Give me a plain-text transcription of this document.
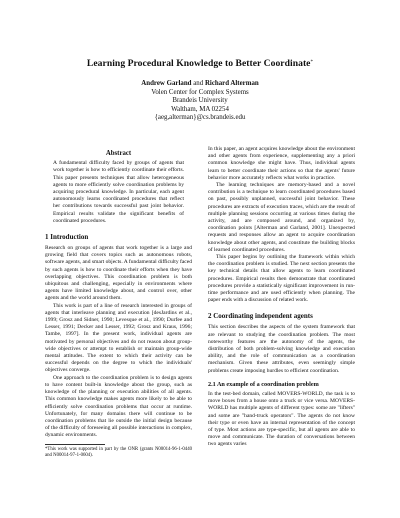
Learning Procedural Knowledge to Better Coordinate*
Andrew Garland and Richard Alterman
Volen Center for Complex Systems
Brandeis University
Waltham, MA 02254
{aeg,alterman}@cs.brandeis.edu
Abstract

A fundamental difficulty faced by groups of agents that work together is how to efficiently coordinate their efforts. This paper presents techniques that allow heterogeneous agents to more efficiently solve coordination problems by acquiring procedural knowledge. In particular, each agent autonomously learns coordinated procedures that reflect her contributions towards successful past joint behavior. Empirical results validate the significant benefits of coordinated procedures.

1 Introduction

Research on groups of agents that work together is a large and growing field that covers topics such as autonomous robots, software agents, and smart objects. A fundamental difficulty faced by such agents is how to coordinate their efforts when they have overlapping objectives. This coordination problem is both ubiquitous and challenging, especially in environments where agents have limited knowledge about, and control over, other agents and the world around them.

This work is part of a line of research interested in groups of agents that interleave planning and execution [desJardins et al., 1999; Grosz and Sidner, 1990; Levesque et al., 1990; Durfee and Lesser, 1991; Decker and Lesser, 1992; Grosz and Kraus, 1996; Tambe, 1997]. In the present work, individual agents are motivated by personal objectives and do not reason about group-wide objectives or attempt to establish or maintain group-wide mental attitudes. The extent to which their activity can be successful depends on the degree to which the individuals' objectives converge.

One approach to the coordination problem is to design agents to have content built-in knowledge about the group, such as knowledge of the planning or execution abilities of all agents. This common knowledge makes agents more likely to be able to efficiently solve coordination problems that occur at runtime. Unfortunately, for many domains there will continue to be coordination problems that lie outside the initial design because of the difficulty of foreseeing all possible interactions in complex, dynamic environments.

*This work was supported in part by the ONR (grants N00014-96-1-0440 and N00014-97-1-0604).

In this paper, an agent acquires knowledge about the environment and other agents from experience, supplementing any a priori common knowledge she might have. Thus, individual agents learn to better coordinate their actions so that the agents' future behavior more accurately reflects what works in practice.

The learning techniques are memory-based and a novel contribution is a technique to learn coordinated procedures based on past, possibly unplanned, successful joint behavior. These procedures are extracts of execution traces, which are the result of multiple planning sessions occurring at various times during the activity, and are composed around, and organized by, coordination points [Alterman and Garland, 2001]. Unexpected requests and responses allow an agent to acquire coordination knowledge about other agents, and constitute the building blocks of learned coordinated procedures.

This paper begins by outlining the framework within which the coordination problem is studied. The next section presents the key technical details that allow agents to learn coordinated procedures. Empirical results then demonstrate that coordinated procedures provide a statistically significant improvement in run-time performance and are used efficiently when planning. The paper ends with a discussion of related work.

2 Coordinating independent agents

This section describes the aspects of the system framework that are relevant to studying the coordination problem. The most noteworthy features are the autonomy of the agents, the distribution of both problem-solving knowledge and execution ability, and the role of communication as a coordination mechanism. Given these attributes, even seemingly simple problems create imposing hurdles to efficient coordination.

2.1 An example of a coordination problem

In the test-bed domain, called MOVERS-WORLD, the task is to move boxes from a house onto a truck or vice versa. MOVERS-WORLD has multiple agents of different types: some are "lifters" and some are "hand-truck operators". The agents do not know their type or even have an internal representation of the concept of type. Most actions are type-specific, but all agents are able to move and communicate. The duration of conversations between two agents varies
